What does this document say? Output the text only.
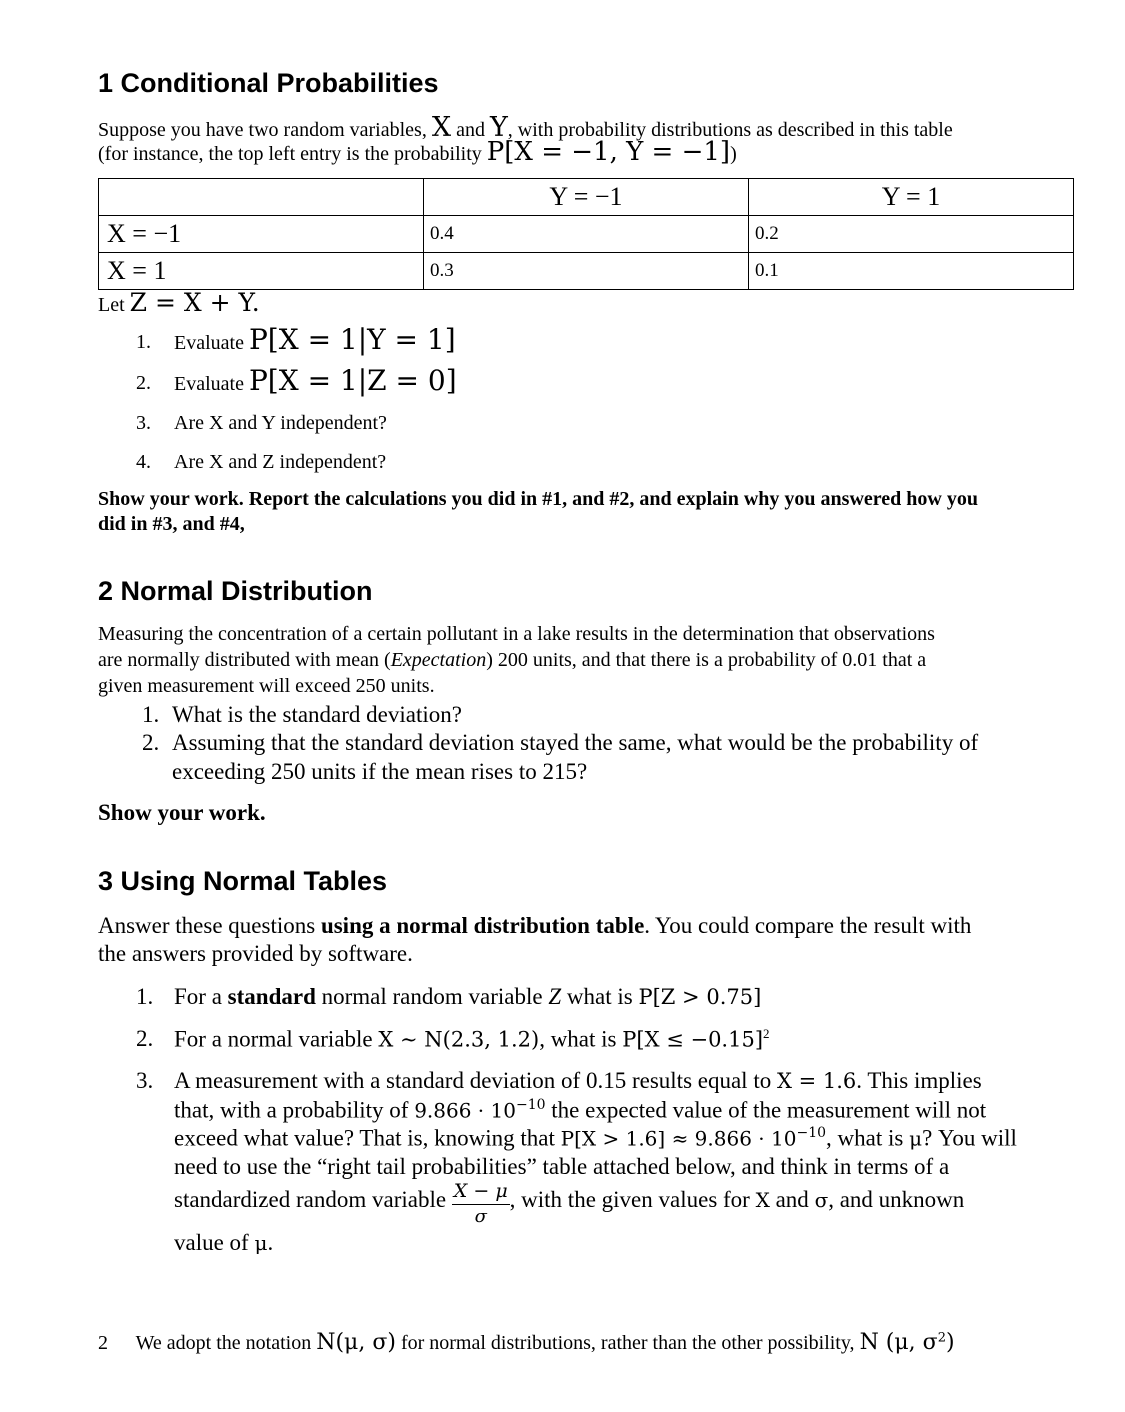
1 Conditional Probabilities
Suppose you have two random variables, X and Y, with probability distributions as described in this table
(for instance, the top left entry is the probability P[X = −1, Y = −1])
	Y = −1	Y = 1
X = −1	0.4	0.2
X = 1	0.3	0.1
Let Z = X + Y.
1. Evaluate P[X = 1|Y = 1]
2. Evaluate P[X = 1|Z = 0]
3. Are X and Y independent?
4. Are X and Z independent?
Show your work. Report the calculations you did in #1, and #2, and explain why you answered how you
did in #3, and #4,
2 Normal Distribution
Measuring the concentration of a certain pollutant in a lake results in the determination that observations
are normally distributed with mean (Expectation) 200 units, and that there is a probability of 0.01 that a
given measurement will exceed 250 units.
1. What is the standard deviation?
2. Assuming that the standard deviation stayed the same, what would be the probability of
exceeding 250 units if the mean rises to 215?
Show your work.
3 Using Normal Tables
Answer these questions using a normal distribution table. You could compare the result with
the answers provided by software.
1. For a standard normal random variable Z what is P[Z > 0.75]
2. For a normal variable X ∼ N(2.3, 1.2), what is P[X ≤ −0.15]$^2$
3. A measurement with a standard deviation of 0.15 results equal to X = 1.6. This implies
that, with a probability of $9.866 \cdot 10^{-10}$ the expected value of the measurement will not
exceed what value? That is, knowing that $P[X > 1.6] \approx 9.866 \cdot 10^{-10}$, what is μ? You will
need to use the “right tail probabilities” table attached below, and think in terms of a
standardized random variable $\frac{X - \mu}{\sigma}$ , with the given values for X and σ, and unknown
value of μ.
2 We adopt the notation N(μ, σ) for normal distributions, rather than the other possibility, N (μ, $\sigma^2$)
